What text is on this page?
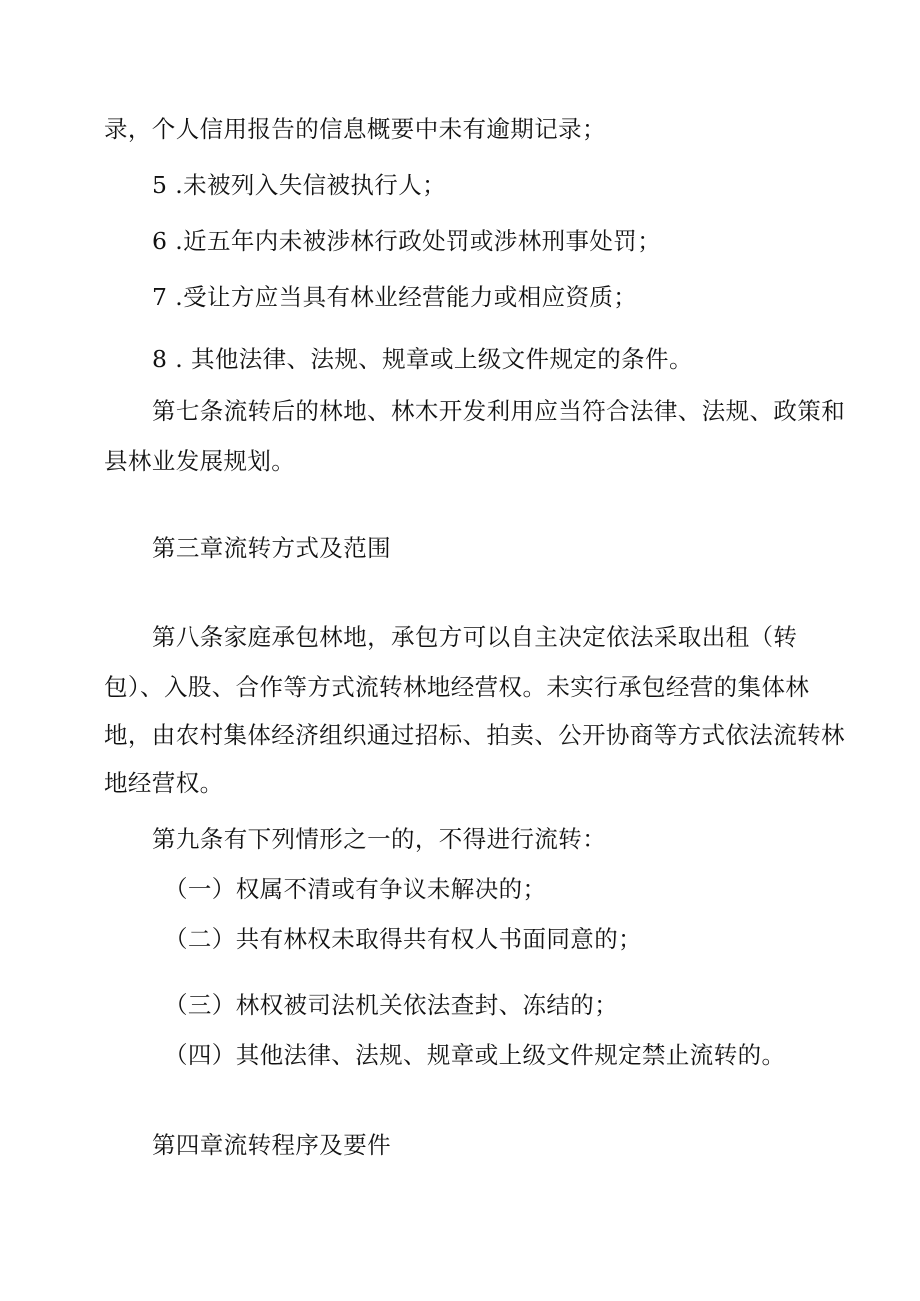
录，个人信用报告的信息概要中未有逾期记录；
5 .未被列入失信被执行人；
6 .近五年内未被涉林行政处罚或涉林刑事处罚；
7 .受让方应当具有林业经营能力或相应资质；
8 . 其他法律、法规、规章或上级文件规定的条件。
第七条流转后的林地、林木开发利用应当符合法律、法规、政策和
县林业发展规划。
第三章流转方式及范围
第八条家庭承包林地，承包方可以自主决定依法采取出租（转
包）、入股、合作等方式流转林地经营权。未实行承包经营的集体林
地，由农村集体经济组织通过招标、拍卖、公开协商等方式依法流转林
地经营权。
第九条有下列情形之一的，不得进行流转：
（一）权属不清或有争议未解决的；
（二）共有林权未取得共有权人书面同意的；
（三）林权被司法机关依法查封、冻结的；
（四）其他法律、法规、规章或上级文件规定禁止流转的。
第四章流转程序及要件
